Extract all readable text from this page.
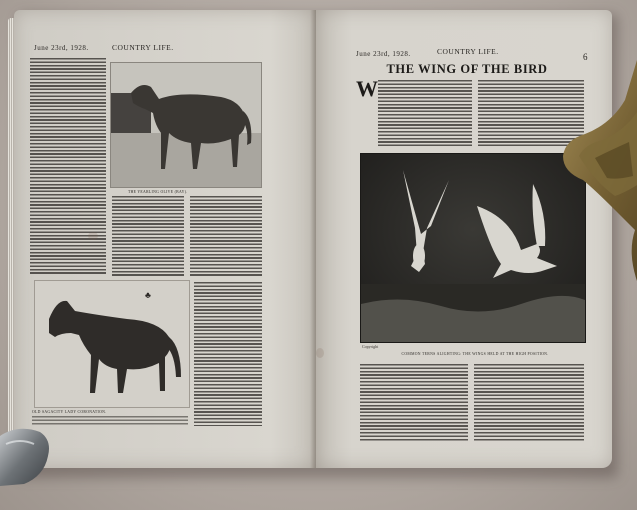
June 23rd, 1928.	COUNTRY LIFE.
THE YEARLING OLIVE (BAY).
OLD SAGACITY LADY CORONATION.
♣
June 23rd, 1928.	COUNTRY LIFE.
THE WING OF THE BIRD
W
Copyright
COMMON TERNS ALIGHTING: THE WINGS HELD AT THE HIGH POSITION.
6
